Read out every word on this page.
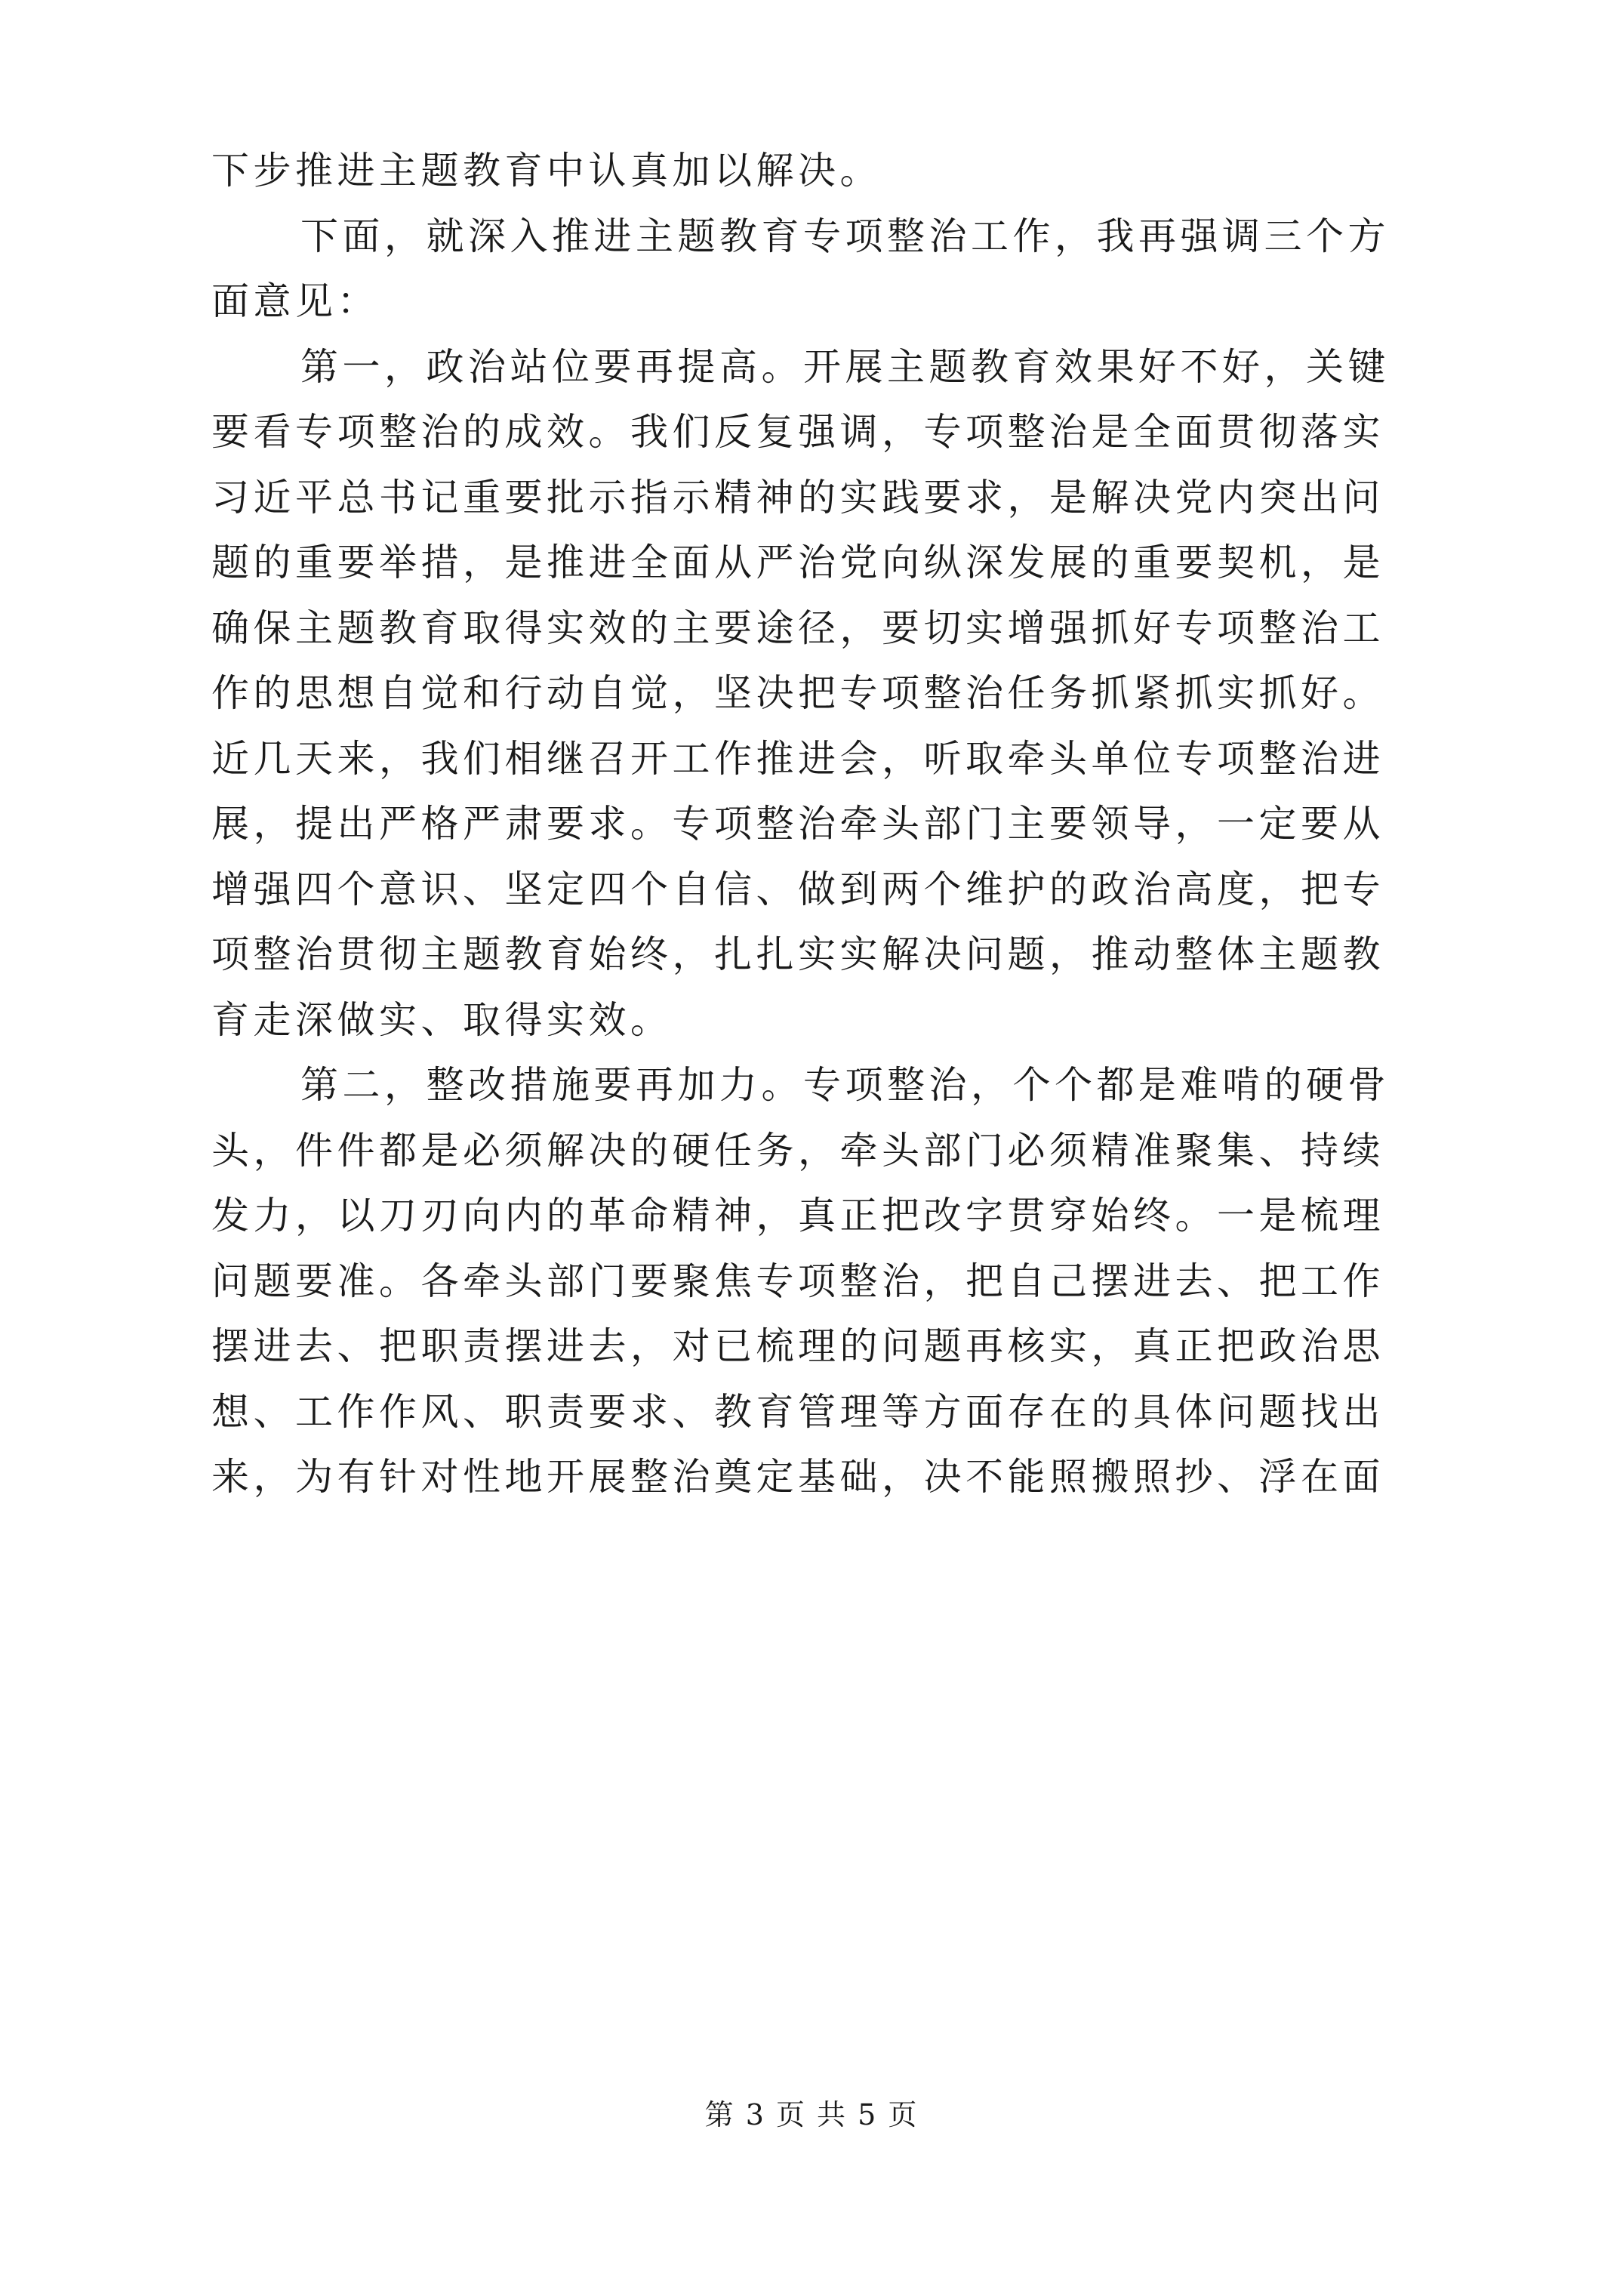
下步推进主题教育中认真加以解决。
下面，就深入推进主题教育专项整治工作，我再强调三个方
面意见：
第一，政治站位要再提高。开展主题教育效果好不好，关键
要看专项整治的成效。我们反复强调，专项整治是全面贯彻落实
习近平总书记重要批示指示精神的实践要求，是解决党内突出问
题的重要举措，是推进全面从严治党向纵深发展的重要契机，是
确保主题教育取得实效的主要途径，要切实增强抓好专项整治工
作的思想自觉和行动自觉，坚决把专项整治任务抓紧抓实抓好。
近几天来，我们相继召开工作推进会，听取牵头单位专项整治进
展，提出严格严肃要求。专项整治牵头部门主要领导，一定要从
增强四个意识、坚定四个自信、做到两个维护的政治高度，把专
项整治贯彻主题教育始终，扎扎实实解决问题，推动整体主题教
育走深做实、取得实效。
第二，整改措施要再加力。专项整治，个个都是难啃的硬骨
头，件件都是必须解决的硬任务，牵头部门必须精准聚集、持续
发力，以刀刃向内的革命精神，真正把改字贯穿始终。一是梳理
问题要准。各牵头部门要聚焦专项整治，把自己摆进去、把工作
摆进去、把职责摆进去，对已梳理的问题再核实，真正把政治思
想、工作作风、职责要求、教育管理等方面存在的具体问题找出
来，为有针对性地开展整治奠定基础，决不能照搬照抄、浮在面
第 3 页 共 5 页
